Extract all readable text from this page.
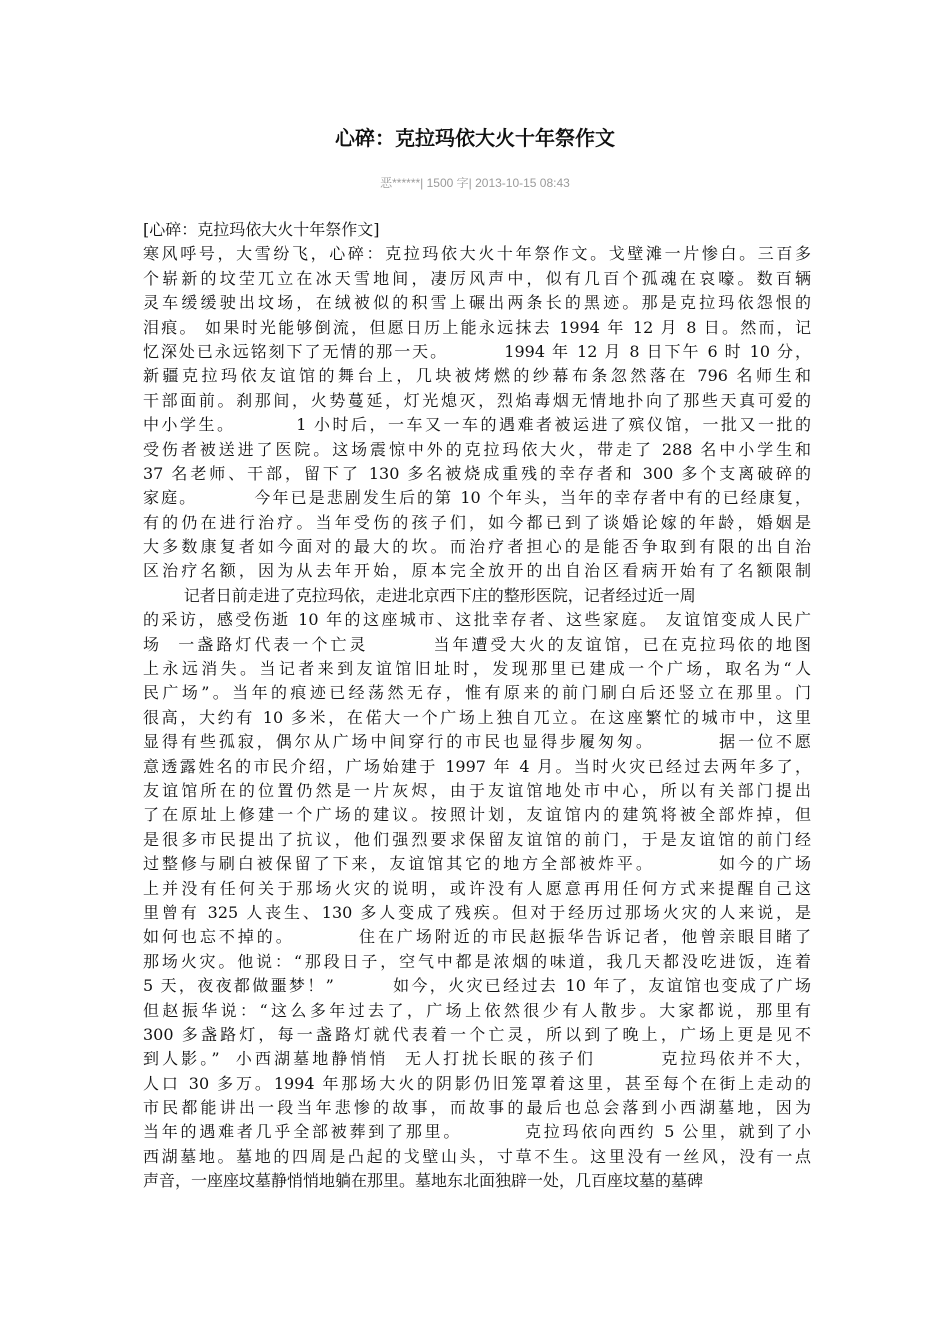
心碎：克拉玛依大火十年祭作文
恶******| 1500 字| 2013-10-15 08:43
[心碎：克拉玛依大火十年祭作文]
寒风呼号，大雪纷飞，心碎：克拉玛依大火十年祭作文。戈壁滩一片惨白。三百多
个崭新的坟茔兀立在冰天雪地间，凄厉风声中，似有几百个孤魂在哀嚎。数百辆
灵车缓缓驶出坟场，在绒被似的积雪上碾出两条长的黑迹。那是克拉玛依怨恨的
泪痕。 如果时光能够倒流，但愿日历上能永远抹去 1994 年 12 月 8 日。然而，记
忆深处已永远铭刻下了无情的那一天。        1994 年 12 月 8 日下午 6 时 10 分，
新疆克拉玛依友谊馆的舞台上，几块被烤燃的纱幕布条忽然落在 796 名师生和
干部面前。刹那间，火势蔓延，灯光熄灭，烈焰毒烟无情地扑向了那些天真可爱的
中小学生。        1 小时后，一车又一车的遇难者被运进了殡仪馆，一批又一批的
受伤者被送进了医院。这场震惊中外的克拉玛依大火，带走了 288 名中小学生和
37 名老师、干部，留下了 130 多名被烧成重残的幸存者和 300 多个支离破碎的
家庭。        今年已是悲剧发生后的第 10 个年头，当年的幸存者中有的已经康复，
有的仍在进行治疗。当年受伤的孩子们，如今都已到了谈婚论嫁的年龄，婚姻是
大多数康复者如今面对的最大的坎。而治疗者担心的是能否争取到有限的出自治
区治疗名额，因为从去年开始，原本完全放开的出自治区看病开始有了名额限制
记者日前走进了克拉玛依，走进北京西下庄的整形医院，记者经过近一周
的采访，感受伤逝 10 年的这座城市、这批幸存者、这些家庭。 友谊馆变成人民广
场  一盏路灯代表一个亡灵        当年遭受大火的友谊馆，已在克拉玛依的地图
上永远消失。当记者来到友谊馆旧址时，发现那里已建成一个广场，取名为“人
民广场”。当年的痕迹已经荡然无存，惟有原来的前门刷白后还竖立在那里。门
很高，大约有 10 多米，在偌大一个广场上独自兀立。在这座繁忙的城市中，这里
显得有些孤寂，偶尔从广场中间穿行的市民也显得步履匆匆。        据一位不愿
意透露姓名的市民介绍，广场始建于 1997 年 4 月。当时火灾已经过去两年多了，
友谊馆所在的位置仍然是一片灰烬，由于友谊馆地处市中心，所以有关部门提出
了在原址上修建一个广场的建议。按照计划，友谊馆内的建筑将被全部炸掉，但
是很多市民提出了抗议，他们强烈要求保留友谊馆的前门，于是友谊馆的前门经
过整修与刷白被保留了下来，友谊馆其它的地方全部被炸平。        如今的广场
上并没有任何关于那场火灾的说明，或许没有人愿意再用任何方式来提醒自己这
里曾有 325 人丧生、130 多人变成了残疾。但对于经历过那场火灾的人来说，是
如何也忘不掉的。        住在广场附近的市民赵振华告诉记者，他曾亲眼目睹了
那场火灾。他说：“那段日子，空气中都是浓烟的味道，我几天都没吃进饭，连着
5 天，夜夜都做噩梦！”        如今，火灾已经过去 10 年了，友谊馆也变成了广场
但赵振华说：“这么多年过去了，广场上依然很少有人散步。大家都说，那里有
300 多盏路灯，每一盏路灯就代表着一个亡灵，所以到了晚上，广场上更是见不
到人影。”  小西湖墓地静悄悄  无人打扰长眠的孩子们        克拉玛依并不大，
人口 30 多万。1994 年那场大火的阴影仍旧笼罩着这里，甚至每个在街上走动的
市民都能讲出一段当年悲惨的故事，而故事的最后也总会落到小西湖墓地，因为
当年的遇难者几乎全部被葬到了那里。        克拉玛依向西约 5 公里，就到了小
西湖墓地。墓地的四周是凸起的戈壁山头，寸草不生。这里没有一丝风，没有一点
声音，一座座坟墓静悄悄地躺在那里。墓地东北面独辟一处，几百座坟墓的墓碑
